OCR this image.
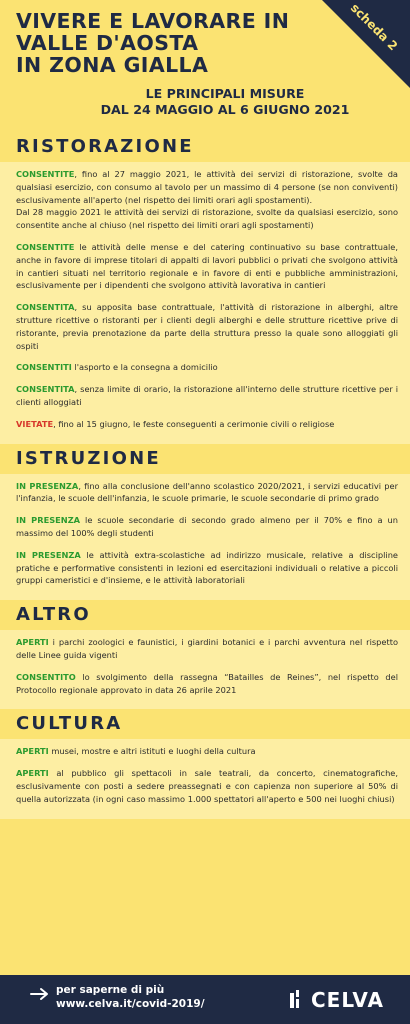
VIVERE E LAVORARE IN
VALLE D'AOSTA
IN ZONA GIALLA
LE PRINCIPALI MISURE
DAL 24 MAGGIO AL 6 GIUGNO 2021
scheda 2
RISTORAZIONE

CONSENTITE, fino al 27 maggio 2021, le attività dei servizi di ristorazione, svolte da qualsiasi esercizio, con consumo al tavolo per un massimo di 4 persone (se non conviventi) esclusivamente all'aperto (nel rispetto dei limiti orari agli spostamenti).
Dal 28 maggio 2021 le attività dei servizi di ristorazione, svolte da qualsiasi esercizio, sono consentite anche al chiuso (nel rispetto dei limiti orari agli spostamenti)

CONSENTITE le attività delle mense e del catering continuativo su base contrattuale, anche in favore di imprese titolari di appalti di lavori pubblici o privati che svolgono attività in cantieri situati nel territorio regionale e in favore di enti e pubbliche amministrazioni, esclusivamente per i dipendenti che svolgono attività lavorativa in cantieri

CONSENTITA, su apposita base contrattuale, l'attività di ristorazione in alberghi, altre strutture ricettive o ristoranti per i clienti degli alberghi e delle strutture ricettive prive di ristorante, previa prenotazione da parte della struttura presso la quale sono alloggiati gli ospiti

CONSENTITI l'asporto e la consegna a domicilio

CONSENTITA, senza limite di orario, la ristorazione all'interno delle strutture ricettive per i clienti alloggiati

VIETATE, fino al 15 giugno, le feste conseguenti a cerimonie civili o religiose

ISTRUZIONE

IN PRESENZA, fino alla conclusione dell'anno scolastico 2020/2021, i servizi educativi per l'infanzia, le scuole dell'infanzia, le scuole primarie, le scuole secondarie di primo grado

IN PRESENZA le scuole secondarie di secondo grado almeno per il 70% e fino a un massimo del 100% degli studenti

IN PRESENZA le attività extra-scolastiche ad indirizzo musicale, relative a discipline pratiche e performative consistenti in lezioni ed esercitazioni individuali o relative a piccoli gruppi cameristici e d'insieme, e le attività laboratoriali

ALTRO

APERTI i parchi zoologici e faunistici, i giardini botanici e i parchi avventura nel rispetto delle Linee guida vigenti

CONSENTITO lo svolgimento della rassegna “Batailles de Reines”, nel rispetto del Protocollo regionale approvato in data 26 aprile 2021

CULTURA

APERTI musei, mostre e altri istituti e luoghi della cultura

APERTI al pubblico gli spettacoli in sale teatrali, da concerto, cinematografiche, esclusivamente con posti a sedere preassegnati e con capienza non superiore al 50% di quella autorizzata (in ogni caso massimo 1.000 spettatori all'aperto e 500 nei luoghi chiusi)

per saperne di più
www.celva.it/covid-2019/	CELVA
